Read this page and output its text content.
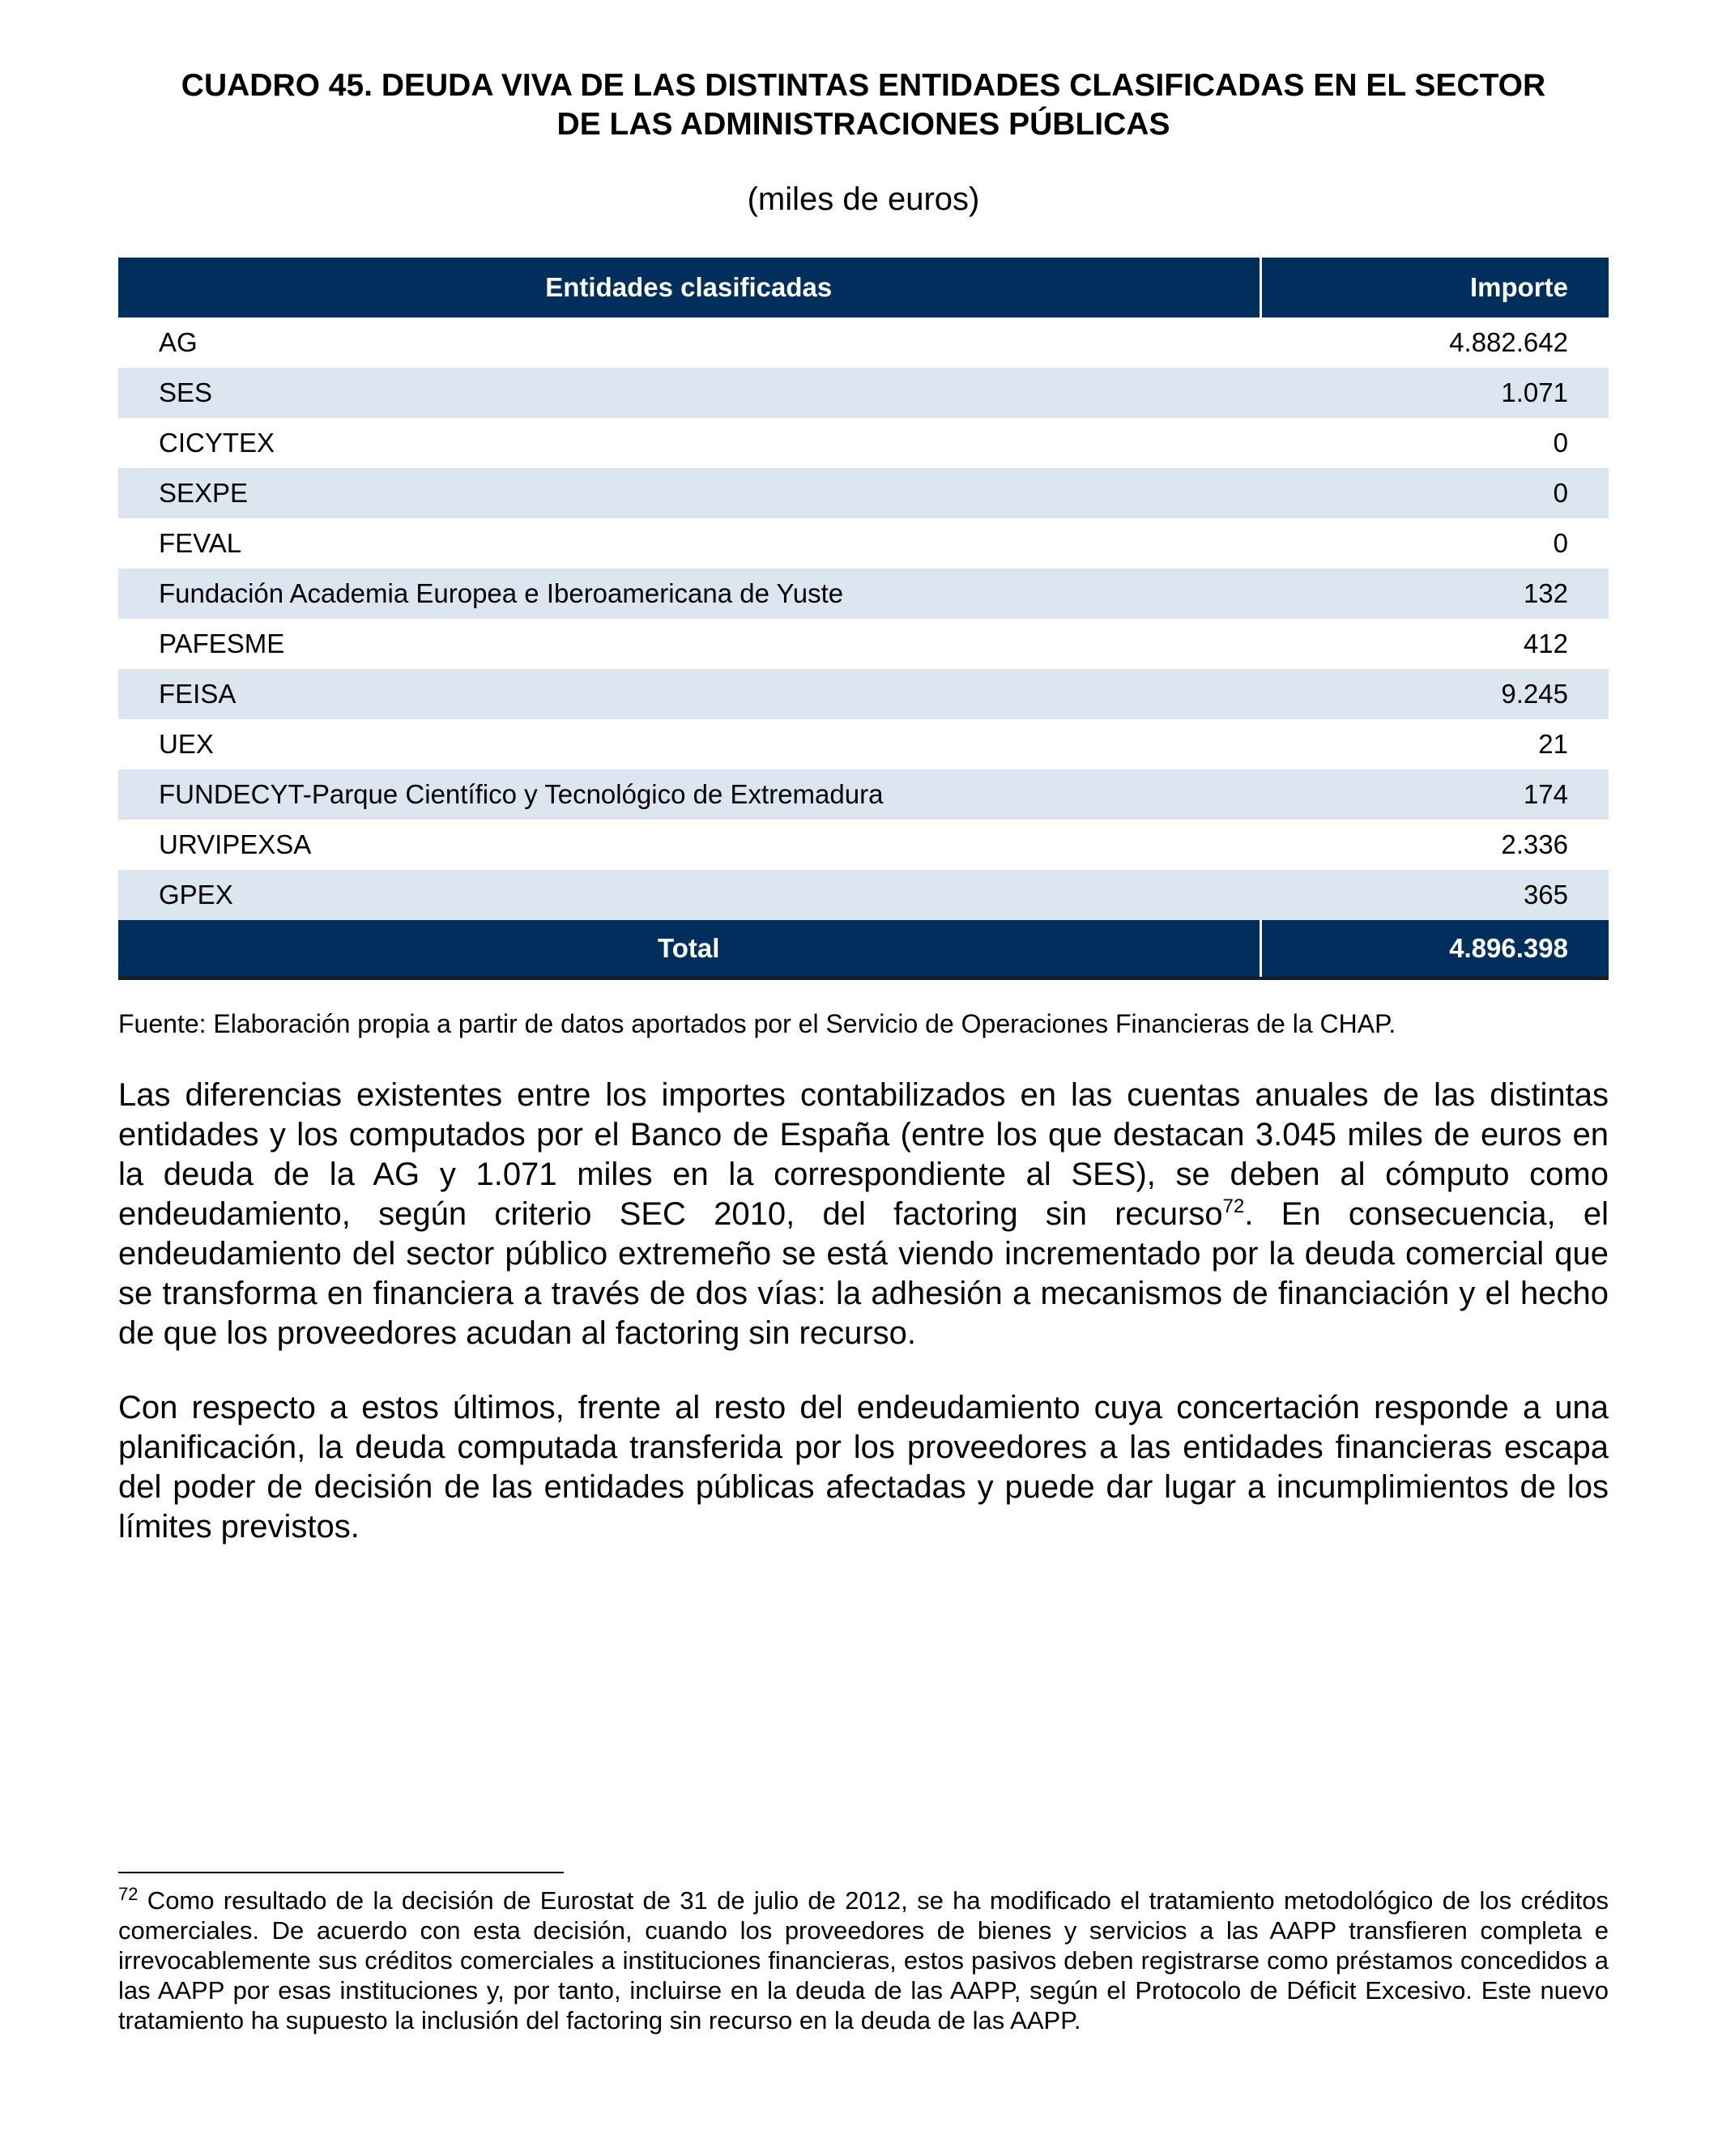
CUADRO 45. DEUDA VIVA DE LAS DISTINTAS ENTIDADES CLASIFICADAS EN EL SECTOR
DE LAS ADMINISTRACIONES PÚBLICAS
(miles de euros)
Entidades clasificadas	Importe
AG	4.882.642
SES	1.071
CICYTEX	0
SEXPE	0
FEVAL	0
Fundación Academia Europea e Iberoamericana de Yuste	132
PAFESME	412
FEISA	9.245
UEX	21
FUNDECYT-Parque Científico y Tecnológico de Extremadura	174
URVIPEXSA	2.336
GPEX	365
Total	4.896.398
Fuente: Elaboración propia a partir de datos aportados por el Servicio de Operaciones Financieras de la CHAP.

Las diferencias existentes entre los importes contabilizados en las cuentas anuales de las distintas entidades y los computados por el Banco de España (entre los que destacan 3.045 miles de euros en la deuda de la AG y 1.071 miles en la correspondiente al SES), se deben al cómputo como endeudamiento, según criterio SEC 2010, del factoring sin recurso$^{72}$. En consecuencia, el endeudamiento del sector público extremeño se está viendo incrementado por la deuda comercial que se transforma en financiera a través de dos vías: la adhesión a mecanismos de financiación y el hecho de que los proveedores acudan al factoring sin recurso.

Con respecto a estos últimos, frente al resto del endeudamiento cuya concertación responde a una planificación, la deuda computada transferida por los proveedores a las entidades financieras escapa del poder de decisión de las entidades públicas afectadas y puede dar lugar a incumplimientos de los límites previstos.

$^{72}$ Como resultado de la decisión de Eurostat de 31 de julio de 2012, se ha modificado el tratamiento metodológico de los créditos comerciales. De acuerdo con esta decisión, cuando los proveedores de bienes y servicios a las AAPP transfieren completa e irrevocablemente sus créditos comerciales a instituciones financieras, estos pasivos deben registrarse como préstamos concedidos a las AAPP por esas instituciones y, por tanto, incluirse en la deuda de las AAPP, según el Protocolo de Déficit Excesivo. Este nuevo tratamiento ha supuesto la inclusión del factoring sin recurso en la deuda de las AAPP.
